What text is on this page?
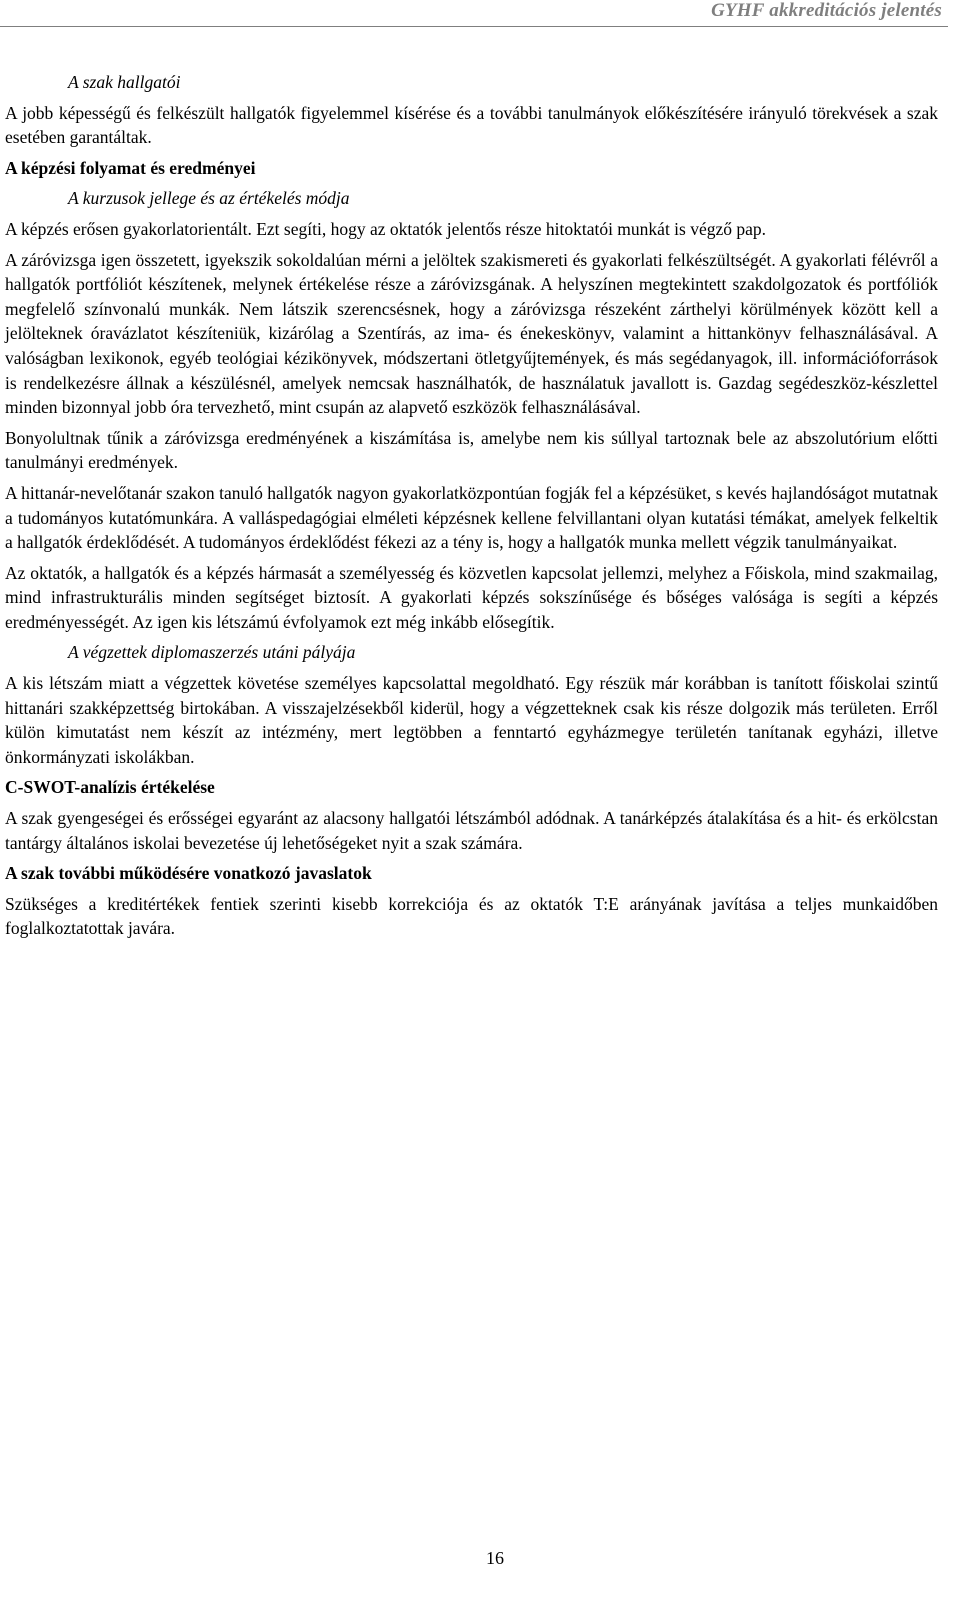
GYHF akkreditációs jelentés

A szak hallgatói

A jobb képességű és felkészült hallgatók figyelemmel kísérése és a további tanulmányok előkészítésére irányuló törekvések a szak esetében garantáltak.

A képzési folyamat és eredményei

A kurzusok jellege és az értékelés módja

A képzés erősen gyakorlatorientált. Ezt segíti, hogy az oktatók jelentős része hitoktatói munkát is végző pap.

A záróvizsga igen összetett, igyekszik sokoldalúan mérni a jelöltek szakismereti és gyakorlati felkészültségét. A gyakorlati félévről a hallgatók portfóliót készítenek, melynek értékelése része a záróvizsgának. A helyszínen megtekintett szakdolgozatok és portfóliók megfelelő színvonalú munkák. Nem látszik szerencsésnek, hogy a záróvizsga részeként zárthelyi körülmények között kell a jelölteknek óravázlatot készíteniük, kizárólag a Szentírás, az ima- és énekeskönyv, valamint a hittankönyv felhasználásával. A valóságban lexikonok, egyéb teológiai kézikönyvek, módszertani ötletgyűjtemények, és más segédanyagok, ill. információforrások is rendelkezésre állnak a készülésnél, amelyek nemcsak használhatók, de használatuk javallott is. Gazdag segédeszköz-készlettel minden bizonnyal jobb óra tervezhető, mint csupán az alapvető eszközök felhasználásával.

Bonyolultnak tűnik a záróvizsga eredményének a kiszámítása is, amelybe nem kis súllyal tartoznak bele az abszolutórium előtti tanulmányi eredmények.

A hittanár-nevelőtanár szakon tanuló hallgatók nagyon gyakorlatközpontúan fogják fel a képzésüket, s kevés hajlandóságot mutatnak a tudományos kutatómunkára. A valláspedagógiai elméleti képzésnek kellene felvillantani olyan kutatási témákat, amelyek felkeltik a hallgatók érdeklődését. A tudományos érdeklődést fékezi az a tény is, hogy a hallgatók munka mellett végzik tanulmányaikat.

Az oktatók, a hallgatók és a képzés hármasát a személyesség és közvetlen kapcsolat jellemzi, melyhez a Főiskola, mind szakmailag, mind infrastrukturális minden segítséget biztosít. A gyakorlati képzés sokszínűsége és bőséges valósága is segíti a képzés eredményességét. Az igen kis létszámú évfolyamok ezt még inkább elősegítik.

A végzettek diplomaszerzés utáni pályája

A kis létszám miatt a végzettek követése személyes kapcsolattal megoldható. Egy részük már korábban is tanított főiskolai szintű hittanári szakképzettség birtokában. A visszajelzésekből kiderül, hogy a végzetteknek csak kis része dolgozik más területen. Erről külön kimutatást nem készít az intézmény, mert legtöbben a fenntartó egyházmegye területén tanítanak egyházi, illetve önkormányzati iskolákban.

C-SWOT-analízis értékelése

A szak gyengeségei és erősségei egyaránt az alacsony hallgatói létszámból adódnak. A tanárképzés átalakítása és a hit- és erkölcstan tantárgy általános iskolai bevezetése új lehetőségeket nyit a szak számára.

A szak további működésére vonatkozó javaslatok

Szükséges a kreditértékek fentiek szerinti kisebb korrekciója és az oktatók T:E arányának javítása a teljes munkaidőben foglalkoztatottak javára.

16
